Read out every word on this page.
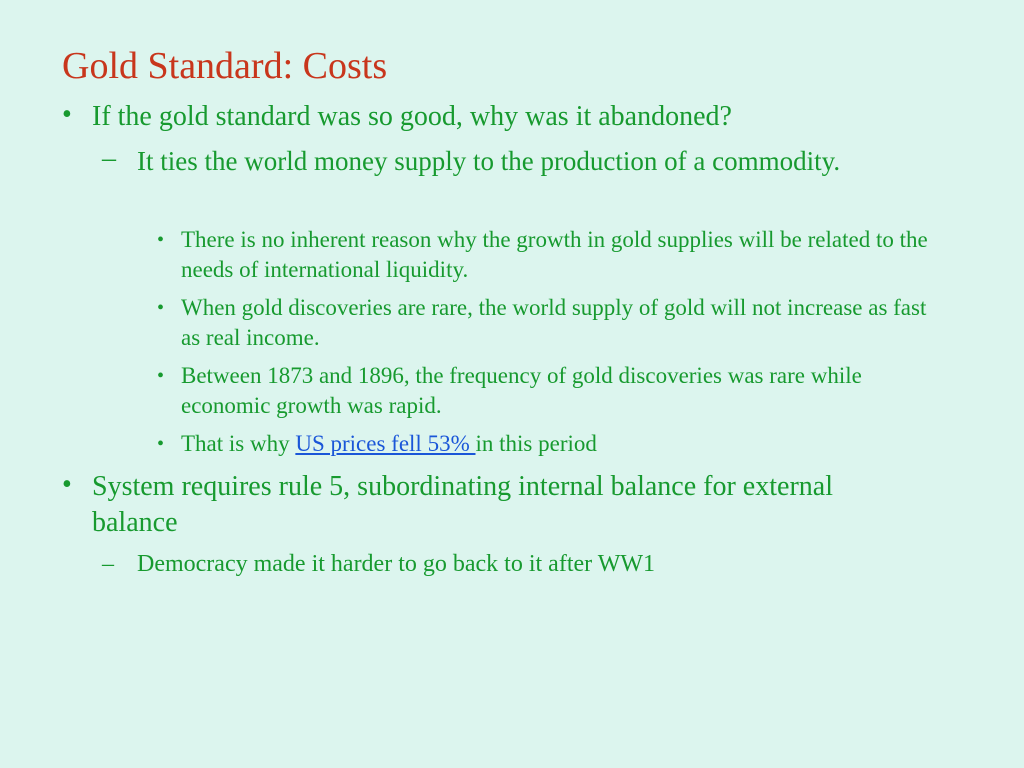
Gold Standard: Costs
• If the gold standard was so good, why was it abandoned?
– It ties the world money supply to the production of a commodity.
• There is no inherent reason why the growth in gold supplies will be related to the needs of international liquidity.
• When gold discoveries are rare, the world supply of gold will not increase as fast as real income.
• Between 1873 and 1896, the frequency of gold discoveries was rare while economic growth was rapid.
• That is why US prices fell 53% in this period
• System requires rule 5, subordinating internal balance for external balance
– Democracy made it harder to go back to it after WW1
